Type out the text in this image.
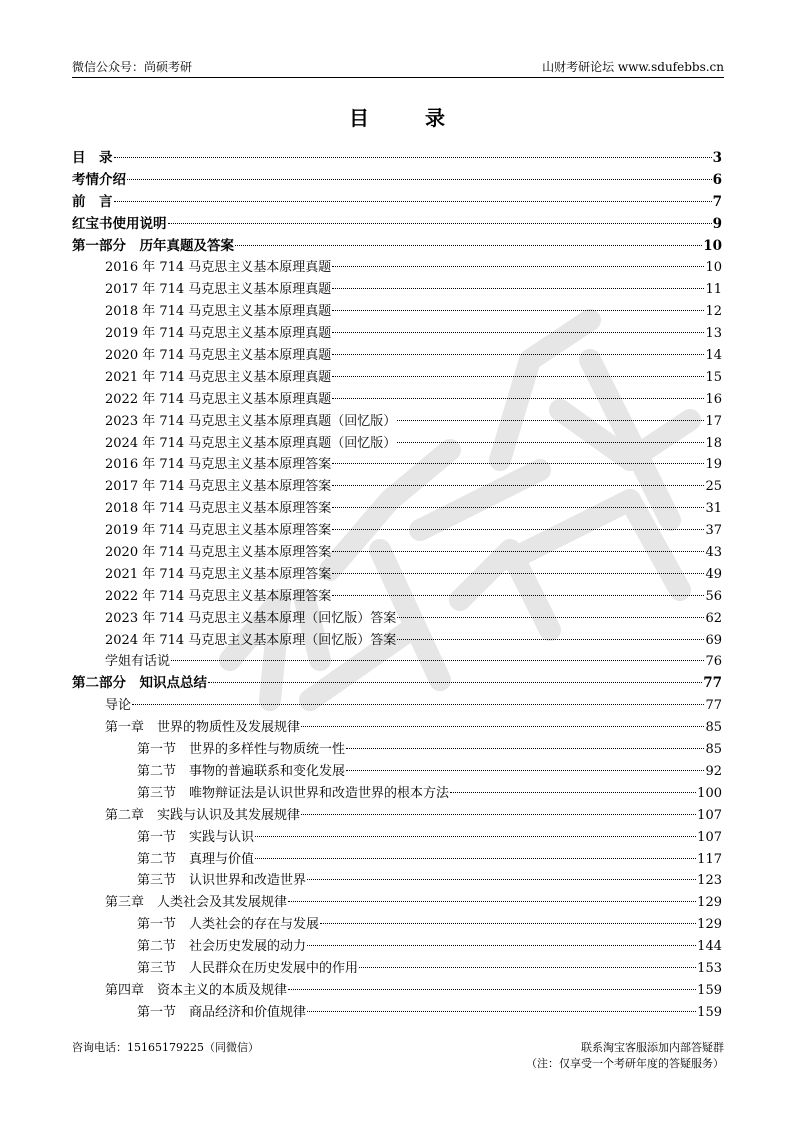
微信公众号：尚硕考研	山财考研论坛 www.sdufebbs.cn
目　录
目　录	3
考情介绍	6
前　言	7
红宝书使用说明	9
第一部分　历年真题及答案	10
2016 年 714 马克思主义基本原理真题	10
2017 年 714 马克思主义基本原理真题	11
2018 年 714 马克思主义基本原理真题	12
2019 年 714 马克思主义基本原理真题	13
2020 年 714 马克思主义基本原理真题	14
2021 年 714 马克思主义基本原理真题	15
2022 年 714 马克思主义基本原理真题	16
2023 年 714 马克思主义基本原理真题（回忆版）	17
2024 年 714 马克思主义基本原理真题（回忆版）	18
2016 年 714 马克思主义基本原理答案	19
2017 年 714 马克思主义基本原理答案	25
2018 年 714 马克思主义基本原理答案	31
2019 年 714 马克思主义基本原理答案	37
2020 年 714 马克思主义基本原理答案	43
2021 年 714 马克思主义基本原理答案	49
2022 年 714 马克思主义基本原理答案	56
2023 年 714 马克思主义基本原理（回忆版）答案	62
2024 年 714 马克思主义基本原理（回忆版）答案	69
学姐有话说	76
第二部分　知识点总结	77
导论	77
第一章　世界的物质性及发展规律	85
第一节　世界的多样性与物质统一性	85
第二节　事物的普遍联系和变化发展	92
第三节　唯物辩证法是认识世界和改造世界的根本方法	100
第二章　实践与认识及其发展规律	107
第一节　实践与认识	107
第二节　真理与价值	117
第三节　认识世界和改造世界	123
第三章　人类社会及其发展规律	129
第一节　人类社会的存在与发展	129
第二节　社会历史发展的动力	144
第三节　人民群众在历史发展中的作用	153
第四章　资本主义的本质及规律	159
第一节　商品经济和价值规律	159
咨询电话：15165179225（同微信）	联系淘宝客服添加内部答疑群
（注：仅享受一个考研年度的答疑服务）
